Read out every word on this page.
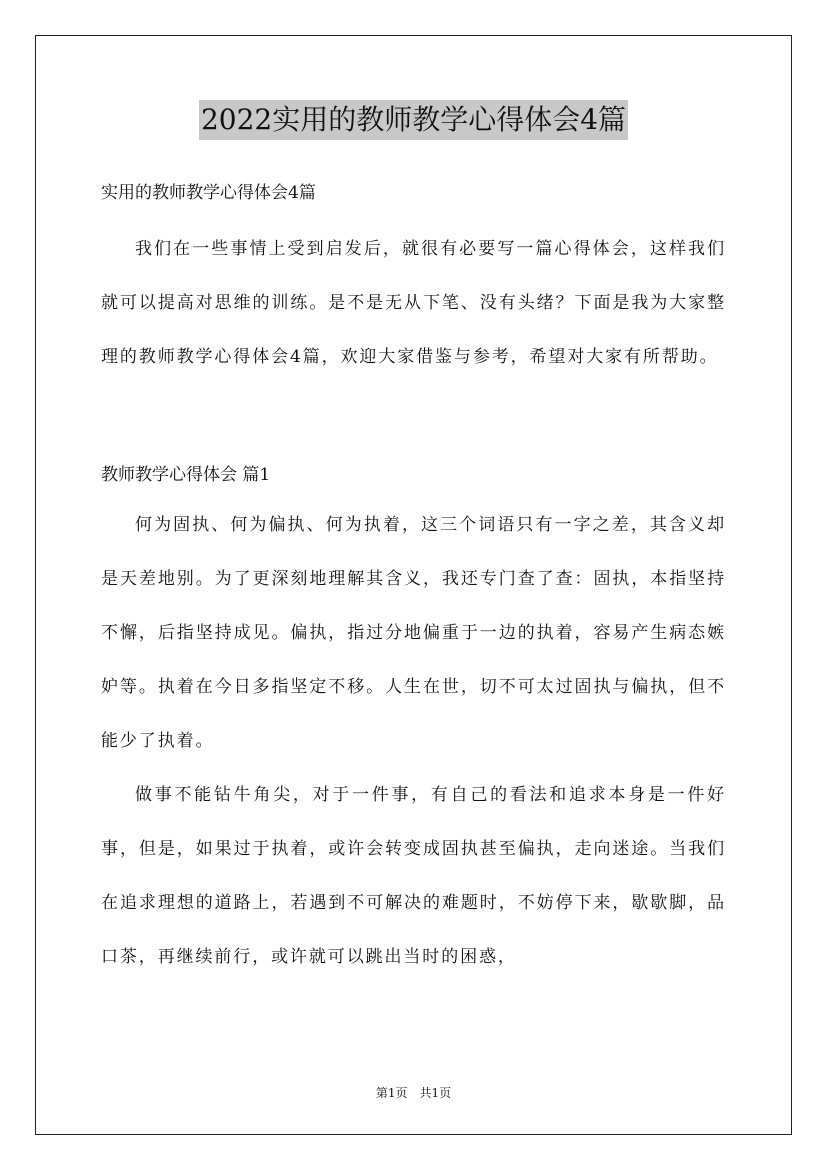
2022实用的教师教学心得体会4篇

实用的教师教学心得体会4篇

我们在一些事情上受到启发后，就很有必要写一篇心得体会，这样我们就可以提高对思维的训练。是不是无从下笔、没有头绪？下面是我为大家整理的教师教学心得体会4篇，欢迎大家借鉴与参考，希望对大家有所帮助。

教师教学心得体会 篇1

何为固执、何为偏执、何为执着，这三个词语只有一字之差，其含义却是天差地别。为了更深刻地理解其含义，我还专门查了查：固执，本指坚持不懈，后指坚持成见。偏执，指过分地偏重于一边的执着，容易产生病态嫉妒等。执着在今日多指坚定不移。人生在世，切不可太过固执与偏执，但不能少了执着。

做事不能钻牛角尖，对于一件事，有自己的看法和追求本身是一件好事，但是，如果过于执着，或许会转变成固执甚至偏执，走向迷途。当我们在追求理想的道路上，若遇到不可解决的难题时，不妨停下来，歇歇脚，品口茶，再继续前行，或许就可以跳出当时的困惑，

第1页 共1页
